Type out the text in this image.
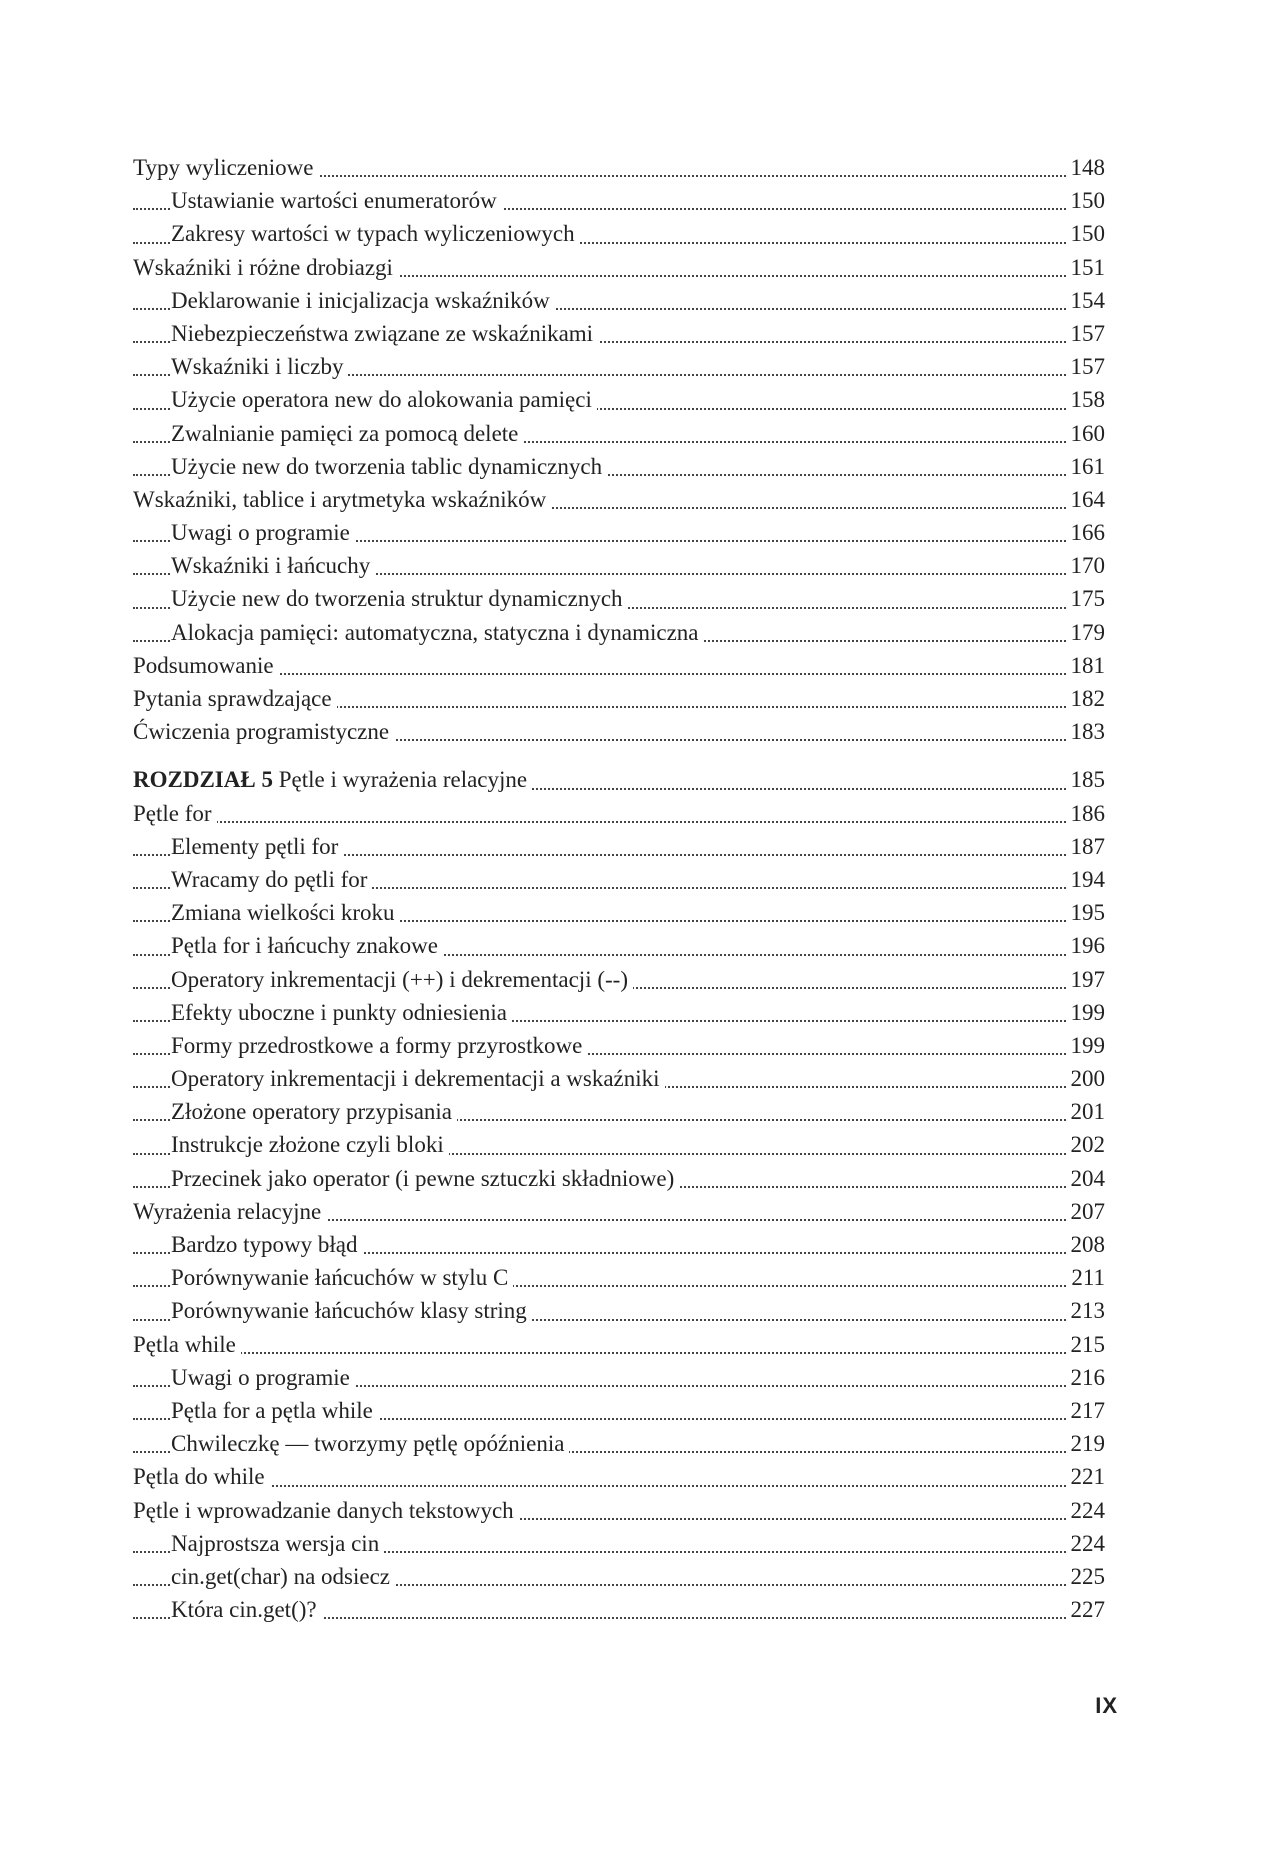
Typy wyliczeniowe	148
Ustawianie wartości enumeratorów	150
Zakresy wartości w typach wyliczeniowych	150
Wskaźniki i różne drobiazgi	151
Deklarowanie i inicjalizacja wskaźników	154
Niebezpieczeństwa związane ze wskaźnikami	157
Wskaźniki i liczby	157
Użycie operatora new do alokowania pamięci	158
Zwalnianie pamięci za pomocą delete	160
Użycie new do tworzenia tablic dynamicznych	161
Wskaźniki, tablice i arytmetyka wskaźników	164
Uwagi o programie	166
Wskaźniki i łańcuchy	170
Użycie new do tworzenia struktur dynamicznych	175
Alokacja pamięci: automatyczna, statyczna i dynamiczna	179
Podsumowanie	181
Pytania sprawdzające	182
Ćwiczenia programistyczne	183
ROZDZIAŁ 5 Pętle i wyrażenia relacyjne	185
Pętle for	186
Elementy pętli for	187
Wracamy do pętli for	194
Zmiana wielkości kroku	195
Pętla for i łańcuchy znakowe	196
Operatory inkrementacji (++) i dekrementacji (--)	197
Efekty uboczne i punkty odniesienia	199
Formy przedrostkowe a formy przyrostkowe	199
Operatory inkrementacji i dekrementacji a wskaźniki	200
Złożone operatory przypisania	201
Instrukcje złożone czyli bloki	202
Przecinek jako operator (i pewne sztuczki składniowe)	204
Wyrażenia relacyjne	207
Bardzo typowy błąd	208
Porównywanie łańcuchów w stylu C	211
Porównywanie łańcuchów klasy string	213
Pętla while	215
Uwagi o programie	216
Pętla for a pętla while	217
Chwileczkę — tworzymy pętlę opóźnienia	219
Pętla do while	221
Pętle i wprowadzanie danych tekstowych	224
Najprostsza wersja cin	224
cin.get(char) na odsiecz	225
Która cin.get()?	227
IX
